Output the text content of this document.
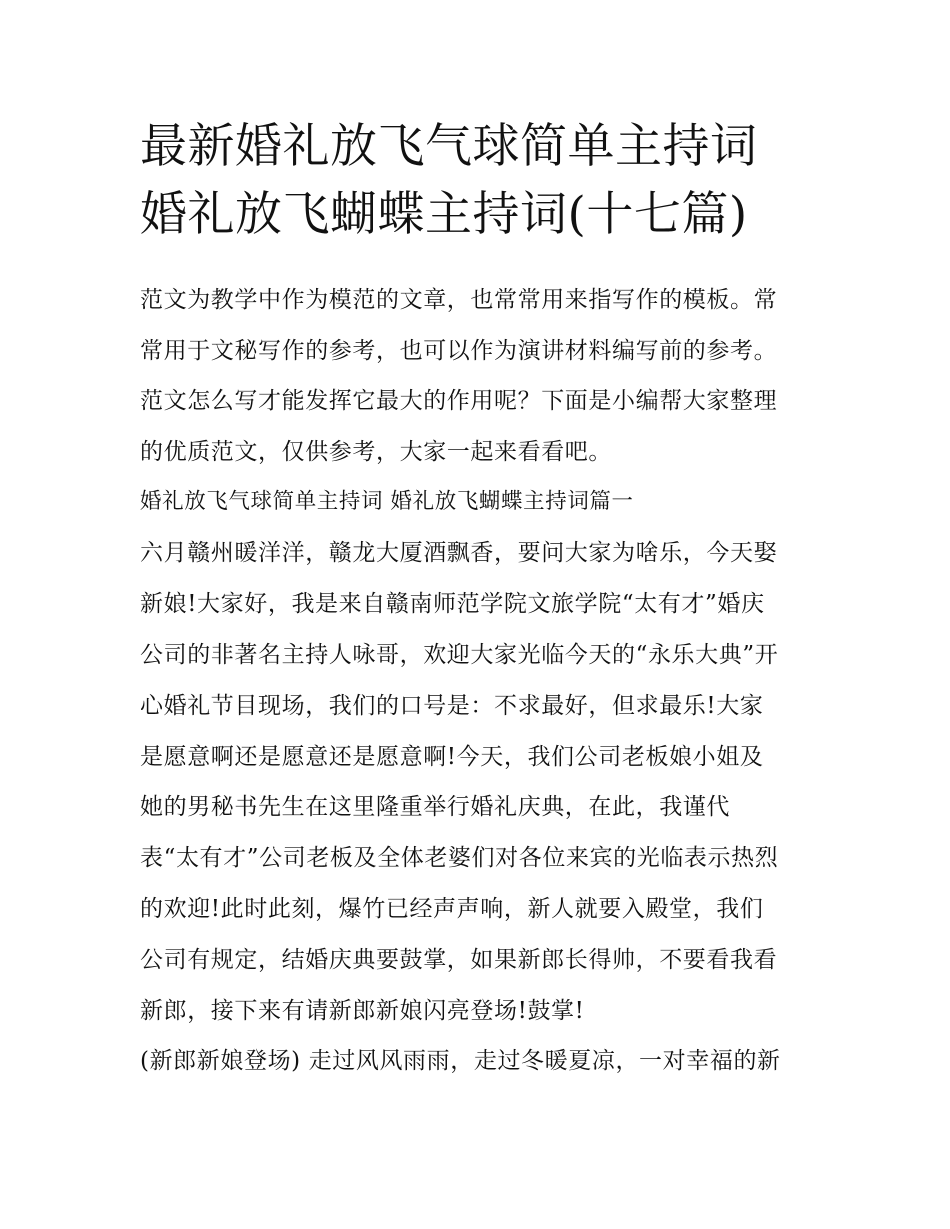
最新婚礼放飞气球简单主持词
婚礼放飞蝴蝶主持词(十七篇)

范文为教学中作为模范的文章，也常常用来指写作的模板。常

常用于文秘写作的参考，也可以作为演讲材料编写前的参考。

范文怎么写才能发挥它最大的作用呢？下面是小编帮大家整理

的优质范文，仅供参考，大家一起来看看吧。

婚礼放飞气球简单主持词 婚礼放飞蝴蝶主持词篇一

六月赣州暖洋洋，赣龙大厦酒飘香，要问大家为啥乐，今天娶

新娘!大家好，我是来自赣南师范学院文旅学院“太有才”婚庆

公司的非著名主持人咏哥，欢迎大家光临今天的“永乐大典”开

心婚礼节目现场，我们的口号是：不求最好，但求最乐!大家

是愿意啊还是愿意还是愿意啊!今天，我们公司老板娘小姐及

她的男秘书先生在这里隆重举行婚礼庆典，在此，我谨代

表“太有才”公司老板及全体老婆们对各位来宾的光临表示热烈

的欢迎!此时此刻，爆竹已经声声响，新人就要入殿堂，我们

公司有规定，结婚庆典要鼓掌，如果新郎长得帅，不要看我看

新郎，接下来有请新郎新娘闪亮登场!鼓掌!

(新郎新娘登场) 走过风风雨雨，走过冬暖夏凉，一对幸福的新
